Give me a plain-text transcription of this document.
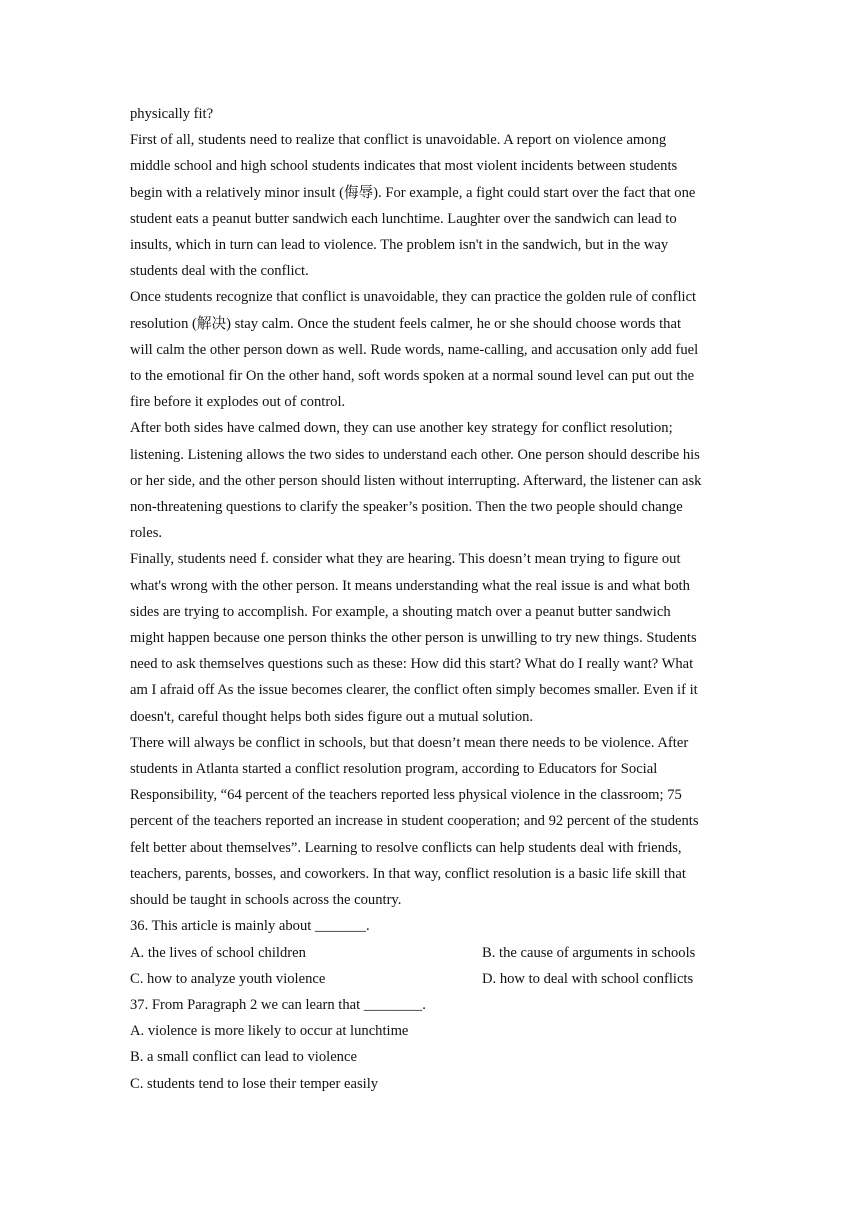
physically fit?

First of all, students need to realize that conflict is unavoidable. A report on violence among

middle school and high school students indicates that most violent incidents between students

begin with a relatively minor insult (侮辱). For example, a fight could start over the fact that one

student eats a peanut butter sandwich each lunchtime. Laughter over the sandwich can lead to

insults, which in turn can lead to violence. The problem isn't in the sandwich, but in the way

students deal with the conflict.

Once students recognize that conflict is unavoidable, they can practice the golden rule of conflict

resolution (解决) stay calm. Once the student feels calmer, he or she should choose words that

will calm the other person down as well. Rude words, name-calling, and accusation only add fuel

to the emotional fir On the other hand, soft words spoken at a normal sound level can put out the

fire before it explodes out of control.

After both sides have calmed down, they can use another key strategy for conflict resolution;

listening. Listening allows the two sides to understand each other. One person should describe his

or her side, and the other person should listen without interrupting. Afterward, the listener can ask

non-threatening questions to clarify the speaker’s position. Then the two people should change

roles.

Finally, students need f. consider what they are hearing. This doesn’t mean trying to figure out

what's wrong with the other person. It means understanding what the real issue is and what both

sides are trying to accomplish. For example, a shouting match over a peanut butter sandwich

might happen because one person thinks the other person is unwilling to try new things. Students

need to ask themselves questions such as these: How did this start? What do I really want? What

am I afraid off As the issue becomes clearer, the conflict often simply becomes smaller. Even if it

doesn't, careful thought helps both sides figure out a mutual solution.

There will always be conflict in schools, but that doesn’t mean there needs to be violence. After

students in Atlanta started a conflict resolution program, according to Educators for Social

Responsibility, “64 percent of the teachers reported less physical violence in the classroom; 75

percent of the teachers reported an increase in student cooperation; and 92 percent of the students

felt better about themselves”. Learning to resolve conflicts can help students deal with friends,

teachers, parents, bosses, and coworkers. In that way, conflict resolution is a basic life skill that

should be taught in schools across the country.

36. This article is mainly about _______.

A. the lives of school children	B. the cause of arguments in schools
C. how to analyze youth violence	D. how to deal with school conflicts

37. From Paragraph 2 we can learn that ________.

A. violence is more likely to occur at lunchtime

B. a small conflict can lead to violence

C. students tend to lose their temper easily
